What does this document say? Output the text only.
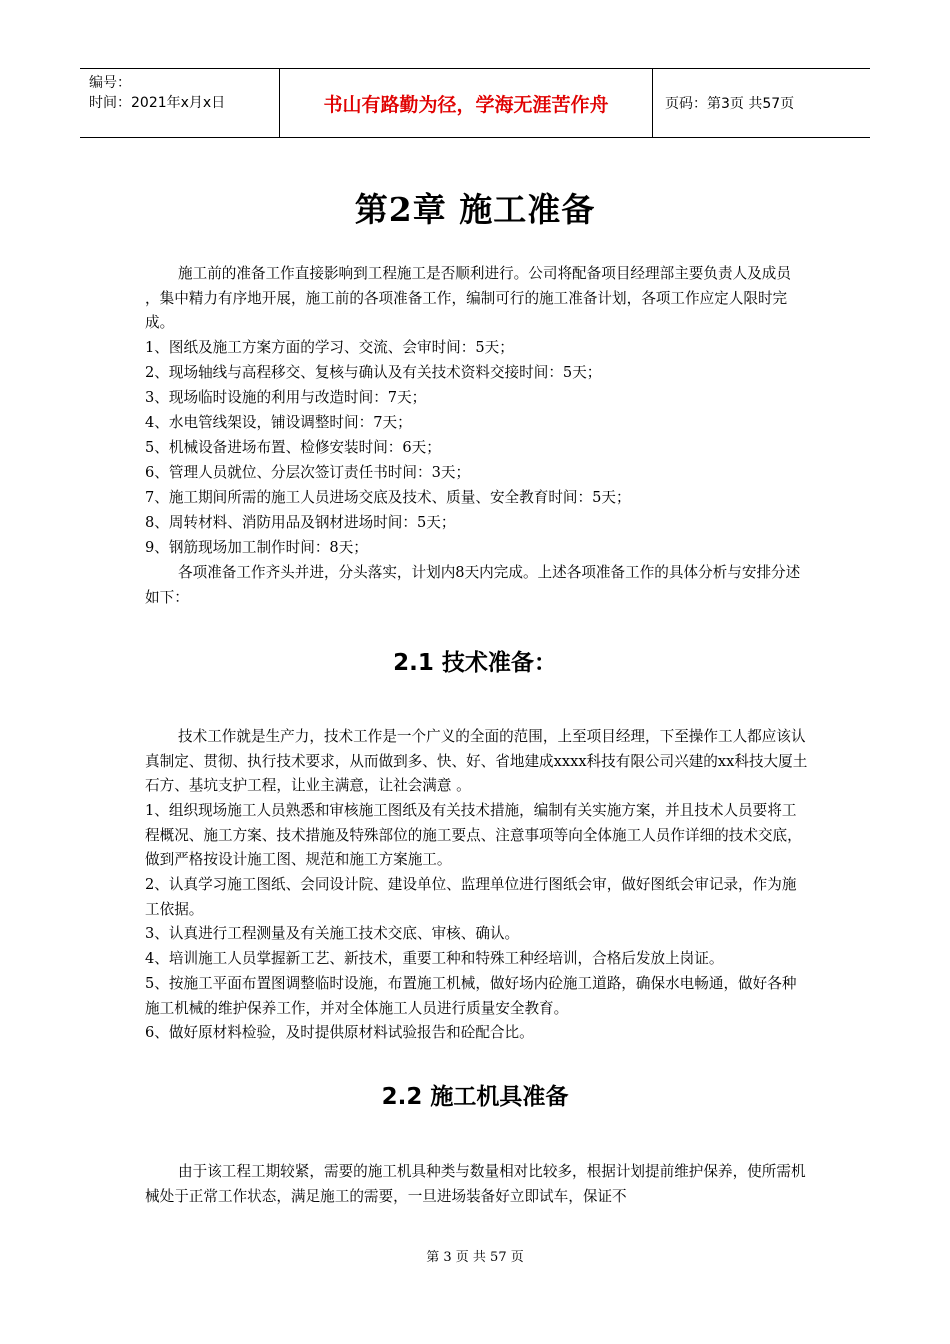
编号：
时间：2021年x月x日	书山有路勤为径，学海无涯苦作舟	页码：第3页 共57页
第2章 施工准备

施工前的准备工作直接影响到工程施工是否顺利进行。公司将配备项目经理部主要负责人及成员 ，集中精力有序地开展，施工前的各项准备工作，编制可行的施工准备计划，各项工作应定人限时完成。

1、图纸及施工方案方面的学习、交流、会审时间：5天；

2、现场轴线与高程移交、复核与确认及有关技术资料交接时间：5天；

3、现场临时设施的利用与改造时间：7天；

4、水电管线架设，铺设调整时间：7天；

5、机械设备进场布置、检修安装时间：6天；

6、管理人员就位、分层次签订责任书时间：3天；

7、施工期间所需的施工人员进场交底及技术、质量、安全教育时间：5天；

8、周转材料、消防用品及钢材进场时间：5天；

9、钢筋现场加工制作时间：8天；

各项准备工作齐头并进，分头落实，计划内8天内完成。上述各项准备工作的具体分析与安排分述如下：

2.1 技术准备：

技术工作就是生产力，技术工作是一个广义的全面的范围，上至项目经理，下至操作工人都应该认真制定、贯彻、执行技术要求，从而做到多、快、好、省地建成xxxx科技有限公司兴建的xx科技大厦土石方、基坑支护工程，让业主满意，让社会满意 。

1、组织现场施工人员熟悉和审核施工图纸及有关技术措施，编制有关实施方案，并且技术人员要将工程概况、施工方案、技术措施及特殊部位的施工要点、注意事项等向全体施工人员作详细的技术交底，做到严格按设计施工图、规范和施工方案施工。

2、认真学习施工图纸、会同设计院、建设单位、监理单位进行图纸会审，做好图纸会审记录，作为施工依据。

3、认真进行工程测量及有关施工技术交底、审核、确认。

4、培训施工人员掌握新工艺、新技术，重要工种和特殊工种经培训，合格后发放上岗证。

5、按施工平面布置图调整临时设施，布置施工机械，做好场内砼施工道路，确保水电畅通，做好各种施工机械的维护保养工作，并对全体施工人员进行质量安全教育。

6、做好原材料检验，及时提供原材料试验报告和砼配合比。

2.2 施工机具准备

由于该工程工期较紧，需要的施工机具种类与数量相对比较多，根据计划提前维护保养，使所需机械处于正常工作状态，满足施工的需要，一旦进场装备好立即试车，保证不

第 3 页 共 57 页
